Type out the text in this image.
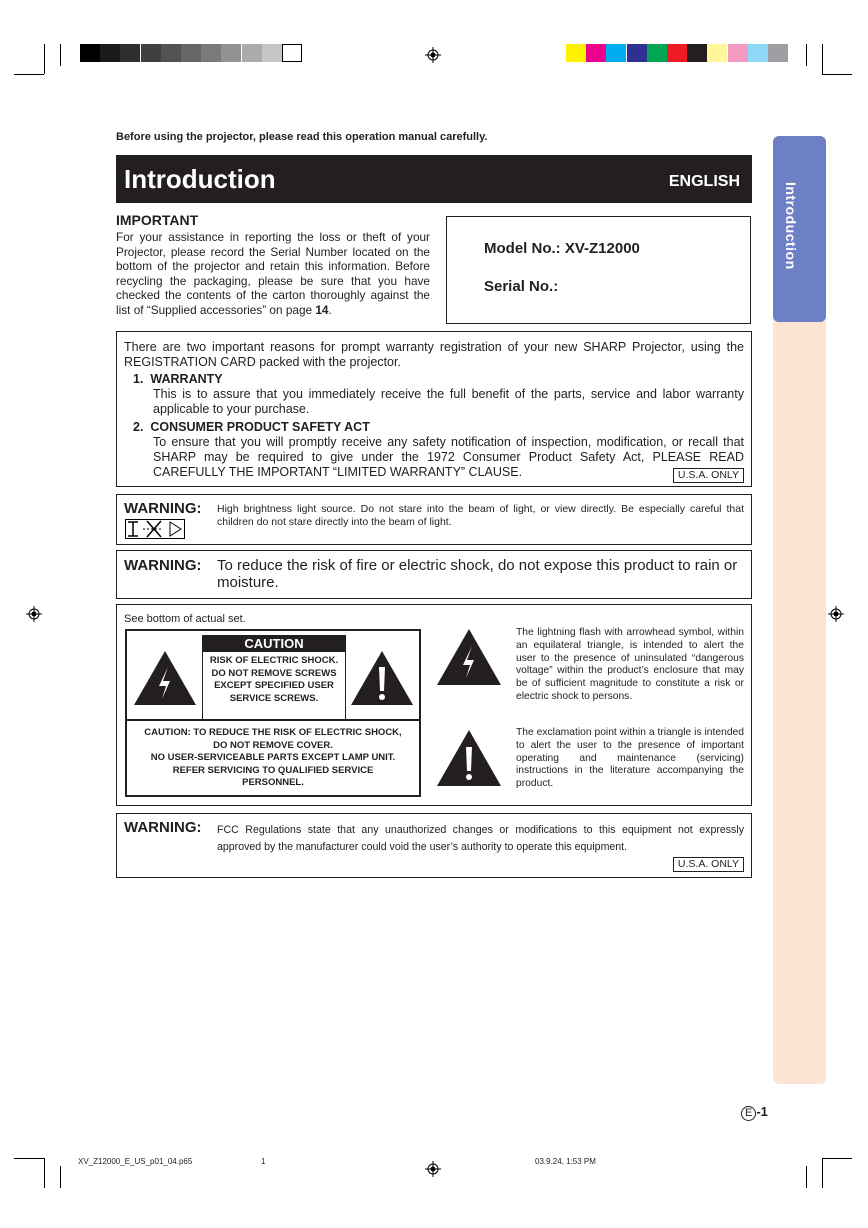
Introduction
Before using the projector, please read this operation manual carefully.
Introduction	ENGLISH
IMPORTANT
For your assistance in reporting the loss or theft of your Projector, please record the Serial Number located on the bottom of the projector and retain this information. Before recycling the packaging, please be sure that you have checked the contents of the carton thoroughly against the list of “Supplied accessories” on page 14.
Model No.: XV-Z12000
Serial No.:
There are two important reasons for prompt warranty registration of your new SHARP Projector, using the REGISTRATION CARD packed with the projector.
1. WARRANTY
This is to assure that you immediately receive the full benefit of the parts, service and labor warranty applicable to your purchase.
2. CONSUMER PRODUCT SAFETY ACT
To ensure that you will promptly receive any safety notification of inspection, modification, or recall that SHARP may be required to give under the 1972 Consumer Product Safety Act, PLEASE READ CAREFULLY THE IMPORTANT “LIMITED WARRANTY” CLAUSE.	U.S.A. ONLY
WARNING: High brightness light source. Do not stare into the beam of light, or view directly. Be especially careful that children do not stare directly into the beam of light.
WARNING: To reduce the risk of fire or electric shock, do not expose this product to rain or moisture.
See bottom of actual set.
CAUTION
RISK OF ELECTRIC SHOCK.
DO NOT REMOVE SCREWS
EXCEPT SPECIFIED USER
SERVICE SCREWS.
CAUTION: TO REDUCE THE RISK OF ELECTRIC SHOCK,
DO NOT REMOVE COVER.
NO USER-SERVICEABLE PARTS EXCEPT LAMP UNIT.
REFER SERVICING TO QUALIFIED SERVICE
PERSONNEL.
The lightning flash with arrowhead symbol, within an equilateral triangle, is intended to alert the user to the presence of uninsulated “dangerous voltage” within the product’s enclosure that may be of sufficient magnitude to constitute a risk or electric shock to persons.
The exclamation point within a triangle is intended to alert the user to the presence of important operating and maintenance (servicing) instructions in the literature accompanying the product.
WARNING: FCC Regulations state that any unauthorized changes or modifications to this equipment not expressly approved by the manufacturer could void the user’s authority to operate this equipment.
U.S.A. ONLY
E -1
XV_Z12000_E_US_p01_04.p65	1	03.9.24, 1:53 PM
